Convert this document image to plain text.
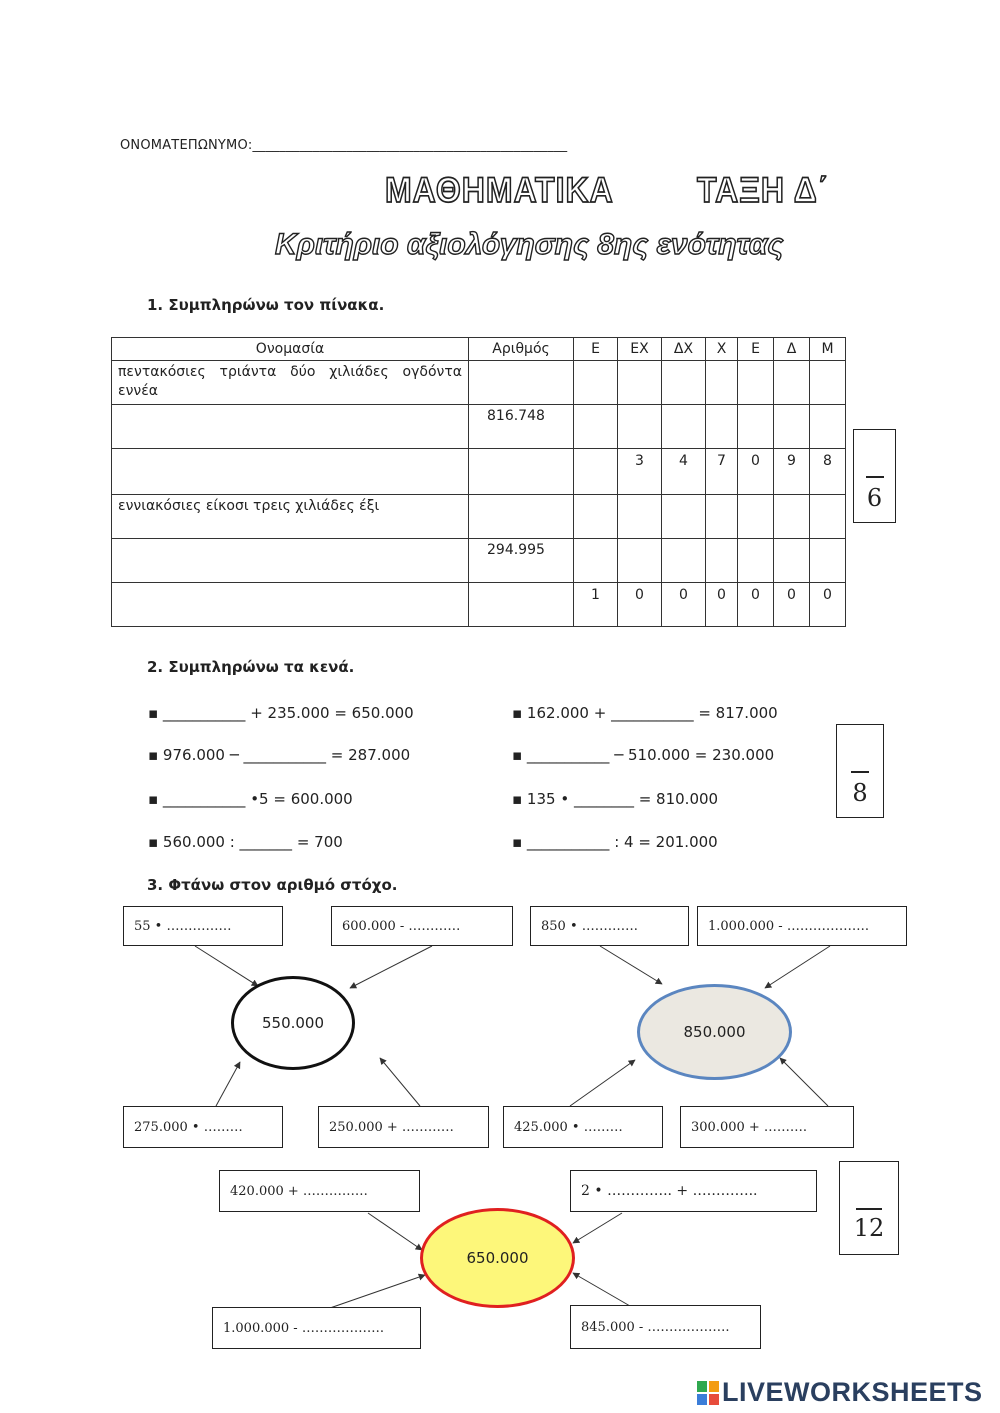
ΟΝΟΜΑΤΕΠΩΝΥΜΟ:_______________________________________________
ΜΑΘΗΜΑΤΙΚΑ	ΤΑΞΗ Δ΄
Κριτήριο αξιολόγησης 8ης ενότητας
1. Συμπληρώνω τον πίνακα.
Ονομασία	Αριθμός	Ε	ΕΧ	ΔΧ	Χ	Ε	Δ	Μ
πεντακόσιες τριάντα δύο χιλιάδες ογδόντα εννέα								
	816.748							
			3	4	7	0	9	8
εννιακόσιες είκοσι τρεις χιλιάδες έξι								
	294.995							
		1	0	0	0	0	0	0
6
2. Συμπληρώνω τα κενά.
▪ ___________ + 235.000 = 650.000
▪ 976.000 ─ ___________ = 287.000
▪ ___________ •5 = 600.000
▪ 560.000 : _______ = 700
▪ 162.000 + ___________ = 817.000
▪ ___________ ─ 510.000 = 230.000
▪ 135 • ________ = 810.000
▪ ___________ : 4 = 201.000
8
3. Φτάνω στον αριθμό στόχο.
55 • ……………	600.000 - …………
550.000
275.000 • ………	250.000 + …………
850 • ………….	1.000.000 - ……………….
850.000
425.000 • ………	300.000 + ……….
420.000 + ……………	2 • ………….. + …………..
650.000
1.000.000 - ……………….	845.000 - ……………….
12
LIVEWORKSHEETS
